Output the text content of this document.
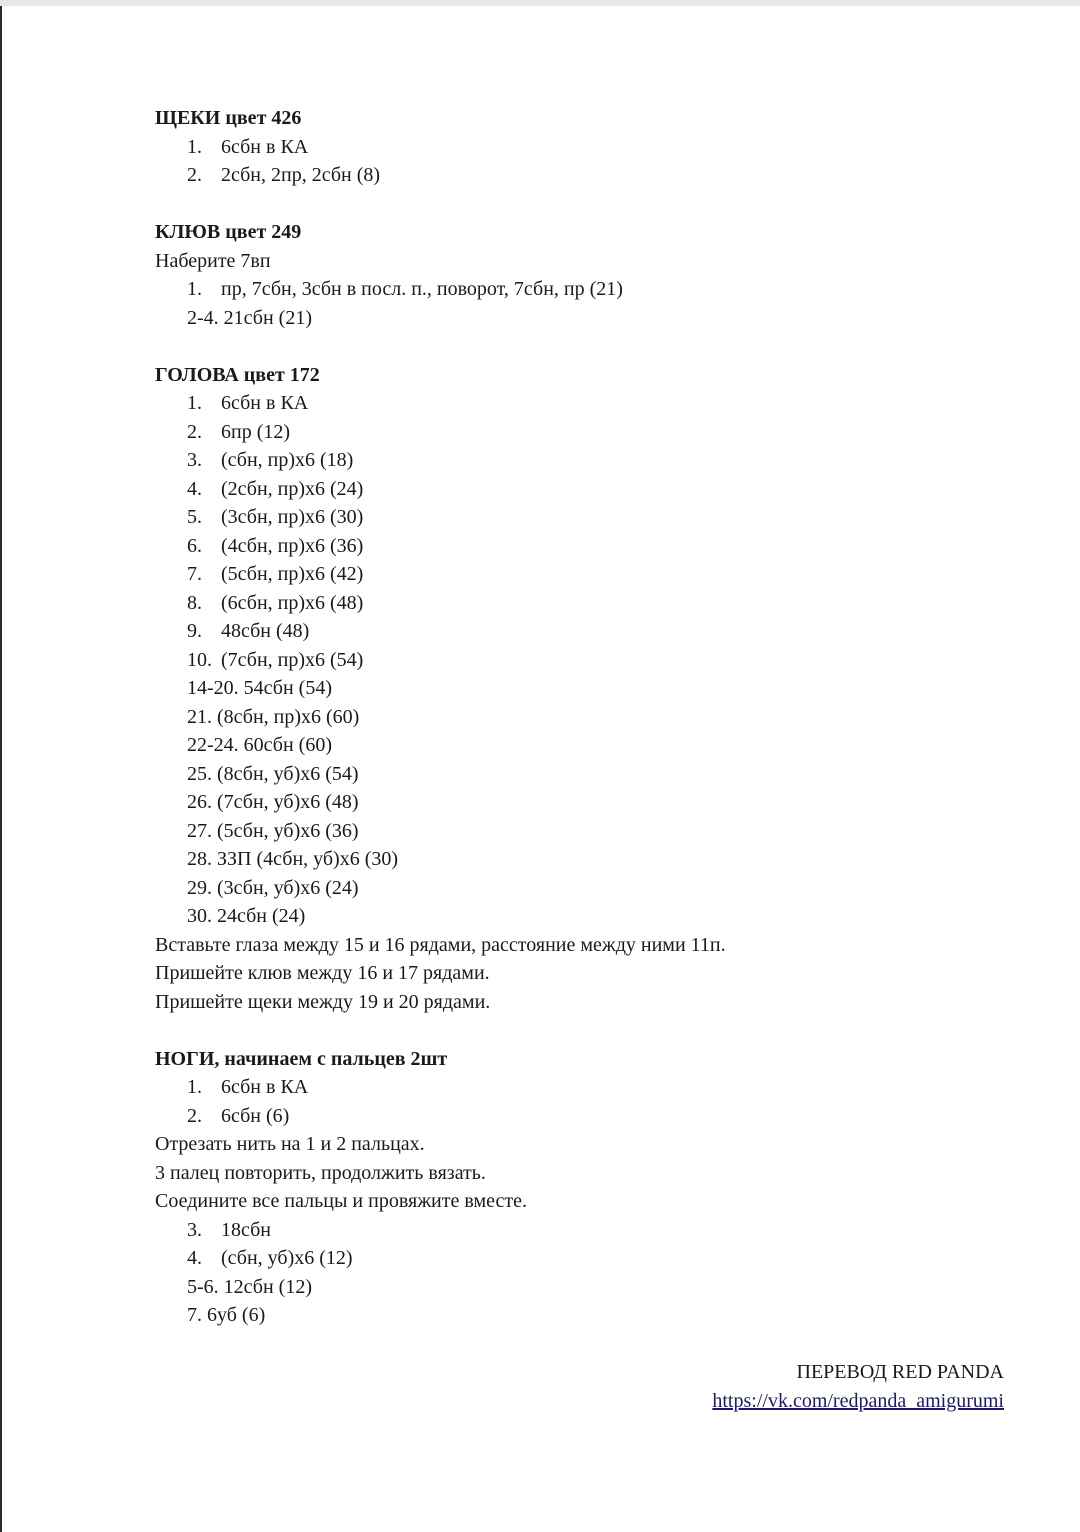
ЩЕКИ цвет 426
1. 6сбн в КА
2. 2сбн, 2пр, 2сбн (8)
КЛЮВ цвет 249
Наберите 7вп
1. пр, 7сбн, 3сбн в посл. п., поворот, 7сбн, пр (21)
2-4. 21сбн (21)
ГОЛОВА цвет 172
1. 6сбн в КА
2. 6пр (12)
3. (сбн, пр)х6 (18)
4. (2сбн, пр)х6 (24)
5. (3сбн, пр)х6 (30)
6. (4сбн, пр)х6 (36)
7. (5сбн, пр)х6 (42)
8. (6сбн, пр)х6 (48)
9. 48сбн (48)
10. (7сбн, пр)х6 (54)
14-20. 54сбн (54)
21. (8сбн, пр)х6 (60)
22-24. 60сбн (60)
25. (8сбн, уб)х6 (54)
26. (7сбн, уб)х6 (48)
27. (5сбн, уб)х6 (36)
28. ЗЗП (4сбн, уб)х6 (30)
29. (3сбн, уб)х6 (24)
30. 24сбн (24)
Вставьте глаза между 15 и 16 рядами, расстояние между ними 11п.
Пришейте клюв между 16 и 17 рядами.
Пришейте щеки между 19 и 20 рядами.
НОГИ, начинаем с пальцев 2шт
1. 6сбн в КА
2. 6сбн (6)
Отрезать нить на 1 и 2 пальцах.
3 палец повторить, продолжить вязать.
Соедините все пальцы и провяжите вместе.
3. 18сбн
4. (сбн, уб)х6 (12)
5-6. 12сбн (12)
7. 6уб (6)
ПЕРЕВОД RED PANDA
https://vk.com/redpanda_amigurumi
